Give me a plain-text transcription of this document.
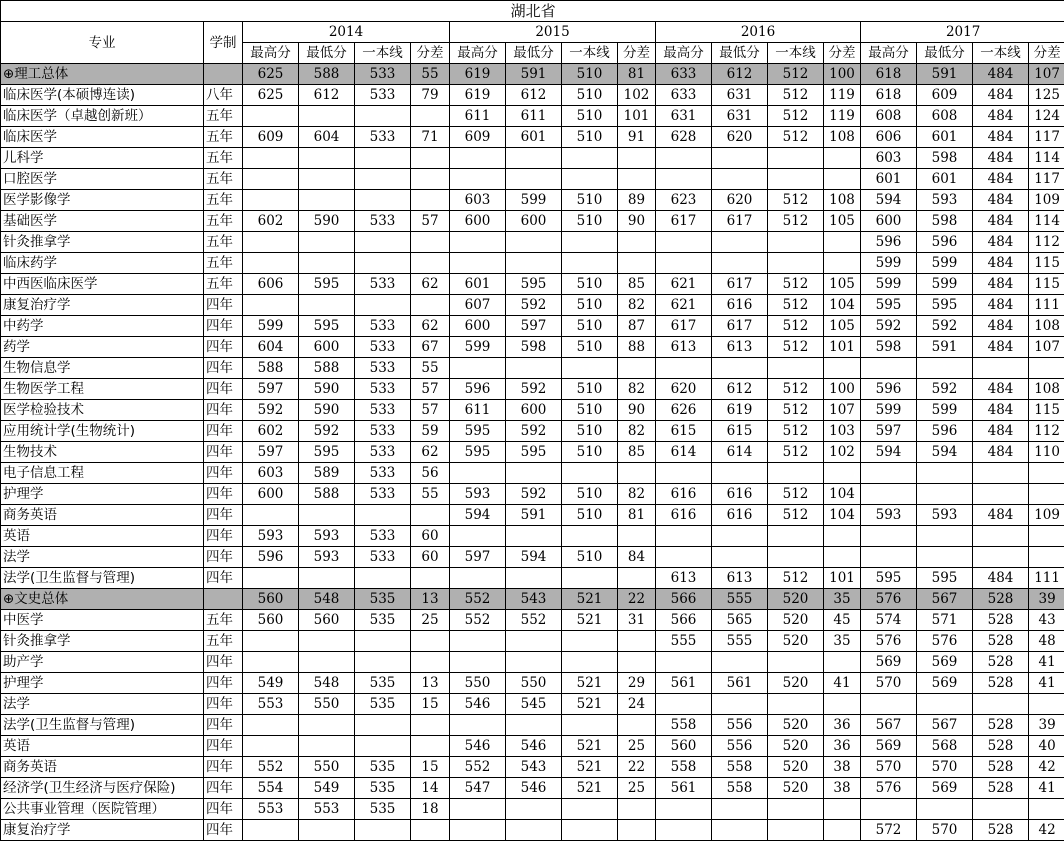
湖北省																	
专业	学制	2014				2015				2016				2017			
		最高分	最低分	一本线	分差	最高分	最低分	一本线	分差	最高分	最低分	一本线	分差	最高分	最低分	一本线	分差
⊕理工总体		625	588	533	55	619	591	510	81	633	612	512	100	618	591	484	107
临床医学(本硕博连读)	八年	625	612	533	79	619	612	510	102	633	631	512	119	618	609	484	125
临床医学（卓越创新班）	五年					611	611	510	101	631	631	512	119	608	608	484	124
临床医学	五年	609	604	533	71	609	601	510	91	628	620	512	108	606	601	484	117
儿科学	五年													603	598	484	114
口腔医学	五年													601	601	484	117
医学影像学	五年					603	599	510	89	623	620	512	108	594	593	484	109
基础医学	五年	602	590	533	57	600	600	510	90	617	617	512	105	600	598	484	114
针灸推拿学	五年													596	596	484	112
临床药学	五年													599	599	484	115
中西医临床医学	五年	606	595	533	62	601	595	510	85	621	617	512	105	599	599	484	115
康复治疗学	四年					607	592	510	82	621	616	512	104	595	595	484	111
中药学	四年	599	595	533	62	600	597	510	87	617	617	512	105	592	592	484	108
药学	四年	604	600	533	67	599	598	510	88	613	613	512	101	598	591	484	107
生物信息学	四年	588	588	533	55												
生物医学工程	四年	597	590	533	57	596	592	510	82	620	612	512	100	596	592	484	108
医学检验技术	四年	592	590	533	57	611	600	510	90	626	619	512	107	599	599	484	115
应用统计学(生物统计)	四年	602	592	533	59	595	592	510	82	615	615	512	103	597	596	484	112
生物技术	四年	597	595	533	62	595	595	510	85	614	614	512	102	594	594	484	110
电子信息工程	四年	603	589	533	56												
护理学	四年	600	588	533	55	593	592	510	82	616	616	512	104				
商务英语	四年					594	591	510	81	616	616	512	104	593	593	484	109
英语	四年	593	593	533	60												
法学	四年	596	593	533	60	597	594	510	84								
法学(卫生监督与管理)	四年									613	613	512	101	595	595	484	111
⊕文史总体		560	548	535	13	552	543	521	22	566	555	520	35	576	567	528	39
中医学	五年	560	560	535	25	552	552	521	31	566	565	520	45	574	571	528	43
针灸推拿学	五年									555	555	520	35	576	576	528	48
助产学	四年													569	569	528	41
护理学	四年	549	548	535	13	550	550	521	29	561	561	520	41	570	569	528	41
法学	四年	553	550	535	15	546	545	521	24								
法学(卫生监督与管理)	四年									558	556	520	36	567	567	528	39
英语	四年					546	546	521	25	560	556	520	36	569	568	528	40
商务英语	四年	552	550	535	15	552	543	521	22	558	558	520	38	570	570	528	42
经济学(卫生经济与医疗保险)	四年	554	549	535	14	547	546	521	25	561	558	520	38	576	569	528	41
公共事业管理（医院管理）	四年	553	553	535	18												
康复治疗学	四年													572	570	528	42
